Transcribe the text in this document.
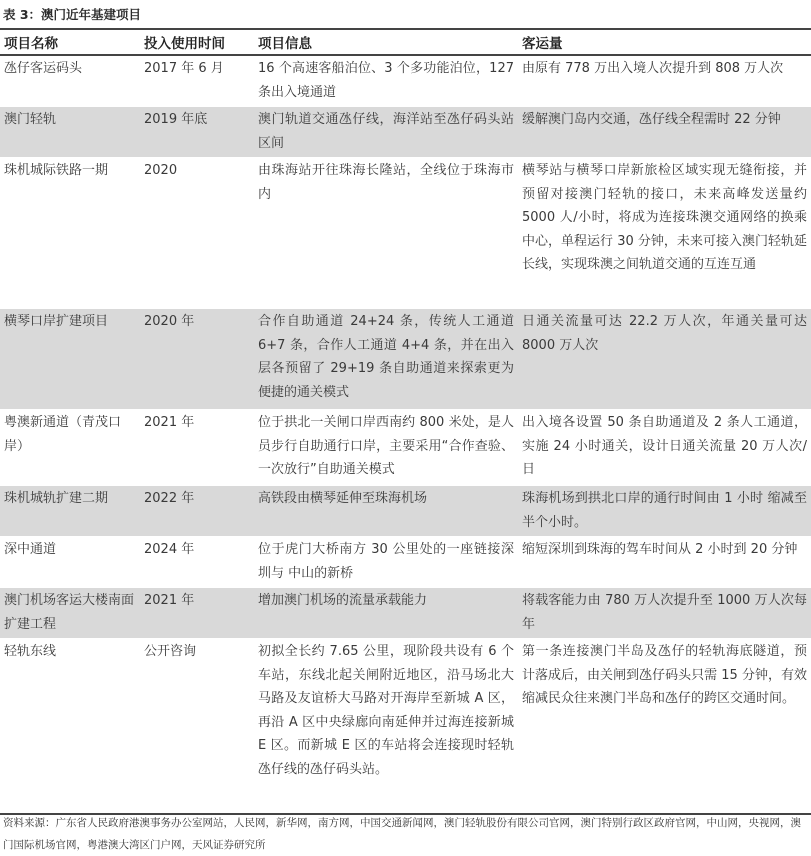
表 3：澳门近年基建项目
项目名称	投入使用时间	项目信息	客运量
氹仔客运码头	2017 年 6 月	16 个高速客船泊位、3 个多功能泊位，127 条出入境通道	由原有 778 万出入境人次提升到 808 万人次
澳门轻轨	2019 年底	澳门轨道交通氹仔线，海洋站至氹仔码头站区间	缓解澳门岛内交通，氹仔线全程需时 22 分钟
珠机城际铁路一期	2020	由珠海站开往珠海长隆站，全线位于珠海市内	横琴站与横琴口岸新旅检区域实现无缝衔接，并预留对接澳门轻轨的接口，未来高峰发送量约 5000 人/小时，将成为连接珠澳交通网络的换乘中心，单程运行 30 分钟，未来可接入澳门轻轨延长线，实现珠澳之间轨道交通的互连互通
横琴口岸扩建项目	2020 年	合作自助通道 24+24 条，传统人工通道 6+7 条，合作人工通道 4+4 条，并在出入层各预留了 29+19 条自助通道来探索更为便捷的通关模式	日通关流量可达 22.2 万人次，年通关量可达 8000 万人次
粤澳新通道（青茂口岸）	2021 年	位于拱北一关闸口岸西南约 800 米处，是人员步行自助通行口岸，主要采用“合作查验、一次放行”自助通关模式	出入境各设置 50 条自助通道及 2 条人工通道，实施 24 小时通关，设计日通关流量 20 万人次/日
珠机城轨扩建二期	2022 年	高铁段由横琴延伸至珠海机场	珠海机场到拱北口岸的通行时间由 1 小时 缩减至半个小时。
深中通道	2024 年	位于虎门大桥南方 30 公里处的一座链接深圳与 中山的新桥	缩短深圳到珠海的驾车时间从 2 小时到 20 分钟
澳门机场客运大楼南面扩建工程	2021 年	增加澳门机场的流量承载能力	将载客能力由 780 万人次提升至 1000 万人次每年
轻轨东线	公开咨询	初拟全长约 7.65 公里，现阶段共设有 6 个车站，东线北起关闸附近地区，沿马场北大马路及友谊桥大马路对开海岸至新城 A 区，再沿 A 区中央绿廊向南延伸并过海连接新城 E 区。而新城 E 区的车站将会连接现时轻轨氹仔线的氹仔码头站。	第一条连接澳门半岛及氹仔的轻轨海底隧道，预计落成后，由关闸到氹仔码头只需 15 分钟，有效缩减民众往来澳门半岛和氹仔的跨区交通时间。
资料来源：广东省人民政府港澳事务办公室网站，人民网，新华网，南方网，中国交通新闻网，澳门轻轨股份有限公司官网，澳门特别行政区政府官网，中山网，央视网，澳门国际机场官网，粤港澳大湾区门户网，天风证券研究所
